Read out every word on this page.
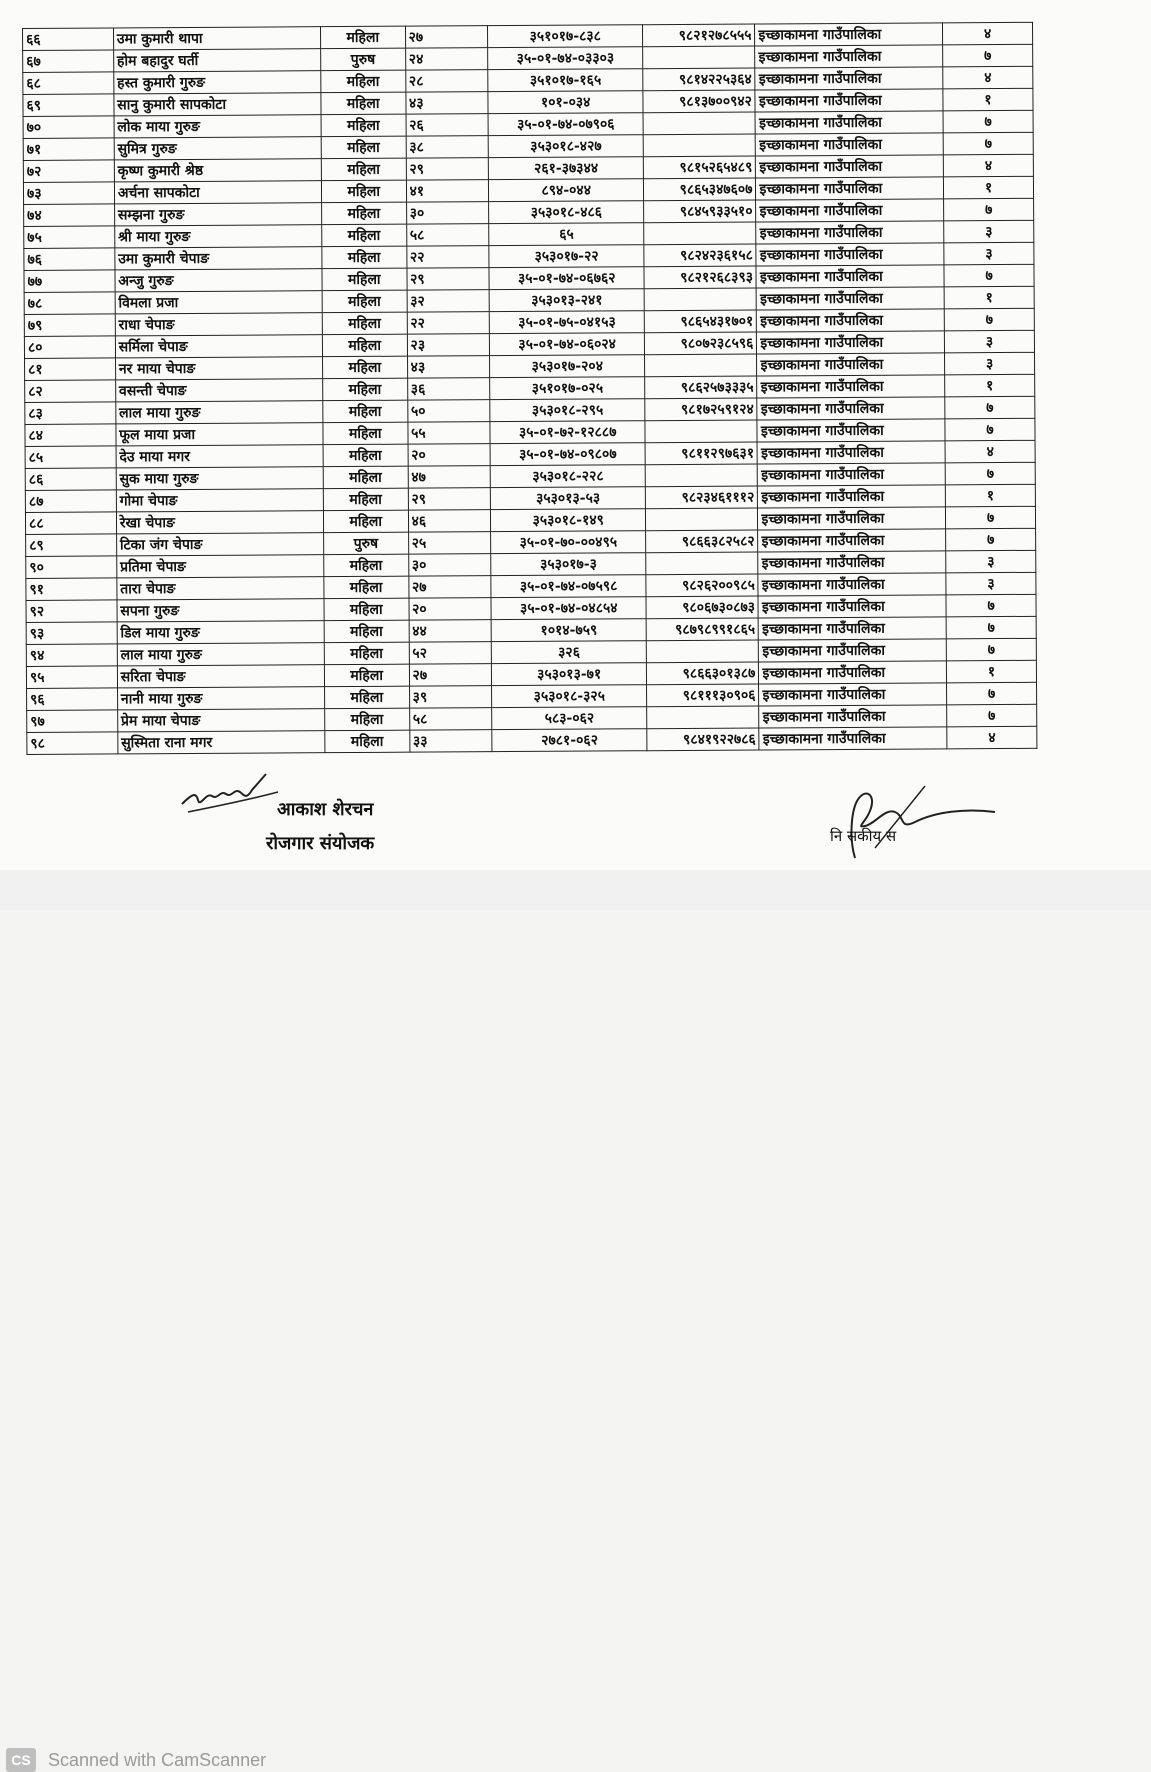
६६	उमा कुमारी थापा	महिला	२७	३५१०१७-८३८	९८२१२७८५५५	इच्छाकामना गाउँपालिका	४
६७	होम बहादुर घर्ती	पुरुष	२४	३५-०१-७४-०३३०३		इच्छाकामना गाउँपालिका	७
६८	हस्त कुमारी गुरुङ	महिला	२८	३५१०१७-१६५	९८१४२२५३६४	इच्छाकामना गाउँपालिका	४
६९	सानु कुमारी सापकोटा	महिला	४३	१०१-०३४	९८१३७००९४२	इच्छाकामना गाउँपालिका	१
७०	लोक माया गुरुङ	महिला	२६	३५-०१-७४-०७९०६		इच्छाकामना गाउँपालिका	७
७१	सुमित्र गुरुङ	महिला	३८	३५३०१८-४२७		इच्छाकामना गाउँपालिका	७
७२	कृष्ण कुमारी श्रेष्ठ	महिला	२९	२६१-३७३४४	९८१५२६५४८९	इच्छाकामना गाउँपालिका	४
७३	अर्चना सापकोटा	महिला	४१	८९४-०४४	९८६५३४७६०७	इच्छाकामना गाउँपालिका	१
७४	सम्झना गुरुङ	महिला	३०	३५३०१८-४८६	९८४५९३३५१०	इच्छाकामना गाउँपालिका	७
७५	श्री माया गुरुङ	महिला	५८	६५		इच्छाकामना गाउँपालिका	३
७६	उमा कुमारी चेपाङ	महिला	२२	३५३०१७-२२	९८२४२३६१५८	इच्छाकामना गाउँपालिका	३
७७	अन्जु गुरुङ	महिला	२९	३५-०१-७४-०६७६२	९८२१२६८३९३	इच्छाकामना गाउँपालिका	७
७८	विमला प्रजा	महिला	३२	३५३०१३-२४१		इच्छाकामना गाउँपालिका	१
७९	राधा चेपाङ	महिला	२२	३५-०१-७५-०४१५३	९८६५४३१७०१	इच्छाकामना गाउँपालिका	७
८०	सर्मिला चेपाङ	महिला	२३	३५-०१-७४-०६०२४	९८०७२३८५९६	इच्छाकामना गाउँपालिका	३
८१	नर माया चेपाङ	महिला	४३	३५३०१७-२०४		इच्छाकामना गाउँपालिका	३
८२	वसन्ती चेपाङ	महिला	३६	३५१०१७-०२५	९८६२५७३३३५	इच्छाकामना गाउँपालिका	१
८३	लाल माया गुरुङ	महिला	५०	३५३०१८-२९५	९८१७२५९१२४	इच्छाकामना गाउँपालिका	७
८४	फूल माया प्रजा	महिला	५५	३५-०१-७२-१२८८७		इच्छाकामना गाउँपालिका	७
८५	देउ माया मगर	महिला	२०	३५-०१-७४-०९८०७	९८११२९७६३१	इच्छाकामना गाउँपालिका	४
८६	सुक माया गुरुङ	महिला	४७	३५३०१८-२२८		इच्छाकामना गाउँपालिका	७
८७	गोमा चेपाङ	महिला	२९	३५३०१३-५३	९८२३४६१११२	इच्छाकामना गाउँपालिका	१
८८	रेखा चेपाङ	महिला	४६	३५३०१८-१४९		इच्छाकामना गाउँपालिका	७
८९	टिका जंग चेपाङ	पुरुष	२५	३५-०१-७०-००४९५	९८६६३८२५८२	इच्छाकामना गाउँपालिका	७
९०	प्रतिमा चेपाङ	महिला	३०	३५३०१७-३		इच्छाकामना गाउँपालिका	३
९१	तारा चेपाङ	महिला	२७	३५-०१-७४-०७५९८	९८२६२००९८५	इच्छाकामना गाउँपालिका	३
९२	सपना गुरुङ	महिला	२०	३५-०१-७४-०४८५४	९८०६७३०८७३	इच्छाकामना गाउँपालिका	७
९३	डिल माया गुरुङ	महिला	४४	१०१४-७५९	९८७९८९९१८६५	इच्छाकामना गाउँपालिका	७
९४	लाल माया गुरुङ	महिला	५२	३२६		इच्छाकामना गाउँपालिका	७
९५	सरिता चेपाङ	महिला	२७	३५३०१३-७१	९८६६३०१३८७	इच्छाकामना गाउँपालिका	१
९६	नानी माया गुरुङ	महिला	३९	३५३०१८-३२५	९८१११३०९०६	इच्छाकामना गाउँपालिका	७
९७	प्रेम माया चेपाङ	महिला	५८	५८३-०६२		इच्छाकामना गाउँपालिका	७
९८	सुस्मिता राना मगर	महिला	३३	२७८१-०६२	९८४१९२२७८६	इच्छाकामना गाउँपालिका	४
आकाश शेरचन
रोजगार संयोजक	नि सकीय स
CS Scanned with CamScanner
